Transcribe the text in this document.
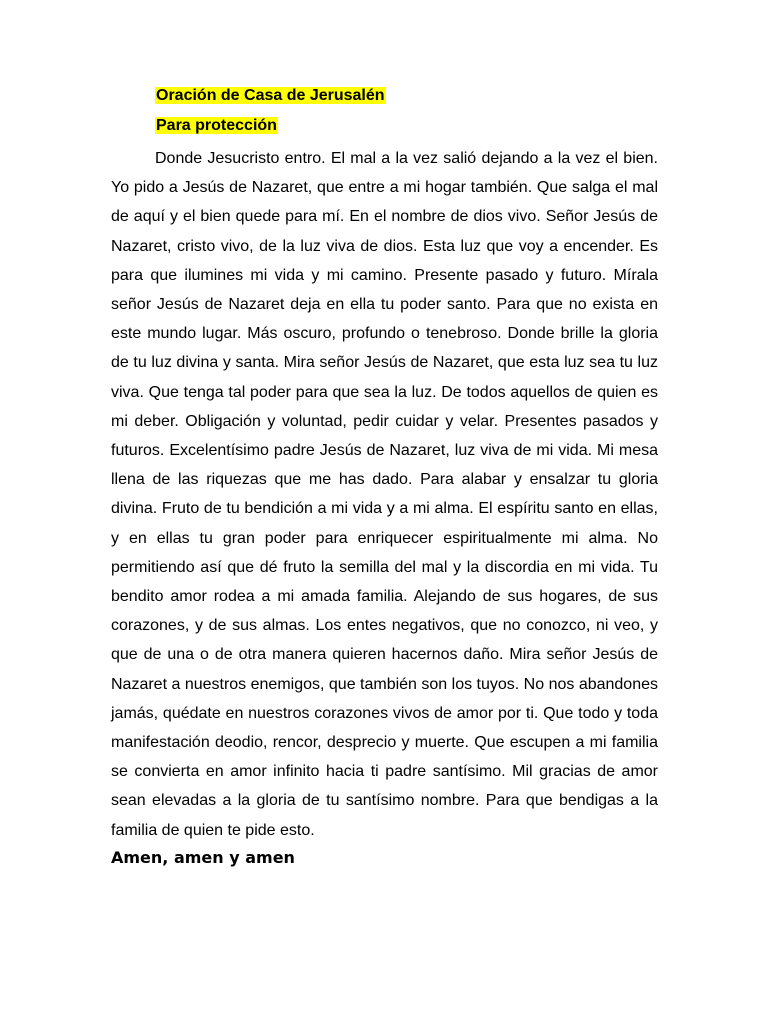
Oración de Casa de Jerusalén
Para protección

Donde Jesucristo entro. El mal a la vez salió dejando a la vez el bien. Yo pido a Jesús de Nazaret, que entre a mi hogar también. Que salga el mal de aquí y el bien quede para mí. En el nombre de dios vivo. Señor Jesús de Nazaret, cristo vivo, de la luz viva de dios. Esta luz que voy a encender. Es para que ilumines mi vida y mi camino. Presente pasado y futuro. Mírala señor Jesús de Nazaret deja en ella tu poder santo. Para que no exista en este mundo lugar. Más oscuro, profundo o tenebroso. Donde brille la gloria de tu luz divina y santa. Mira señor Jesús de Nazaret, que esta luz sea tu luz viva. Que tenga tal poder para que sea la luz. De todos aquellos de quien es mi deber. Obligación y voluntad, pedir cuidar y velar. Presentes pasados y futuros. Excelentísimo padre Jesús de Nazaret, luz viva de mi vida. Mi mesa llena de las riquezas que me has dado. Para alabar y ensalzar tu gloria divina. Fruto de tu bendición a mi vida y a mi alma. El espíritu santo en ellas, y en ellas tu gran poder para enriquecer espiritualmente mi alma. No permitiendo así que dé fruto la semilla del mal y la discordia en mi vida. Tu bendito amor rodea a mi amada familia. Alejando de sus hogares, de sus corazones, y de sus almas. Los entes negativos, que no conozco, ni veo, y que de una o de otra manera quieren hacernos daño. Mira señor Jesús de Nazaret a nuestros enemigos, que también son los tuyos. No nos abandones jamás, quédate en nuestros corazones vivos de amor por ti. Que todo y toda manifestación deodio, rencor, desprecio y muerte. Que escupen a mi familia se convierta en amor infinito hacia ti padre santísimo. Mil gracias de amor sean elevadas a la gloria de tu santísimo nombre. Para que bendigas a la familia de quien te pide esto.

Amen, amen y amen
